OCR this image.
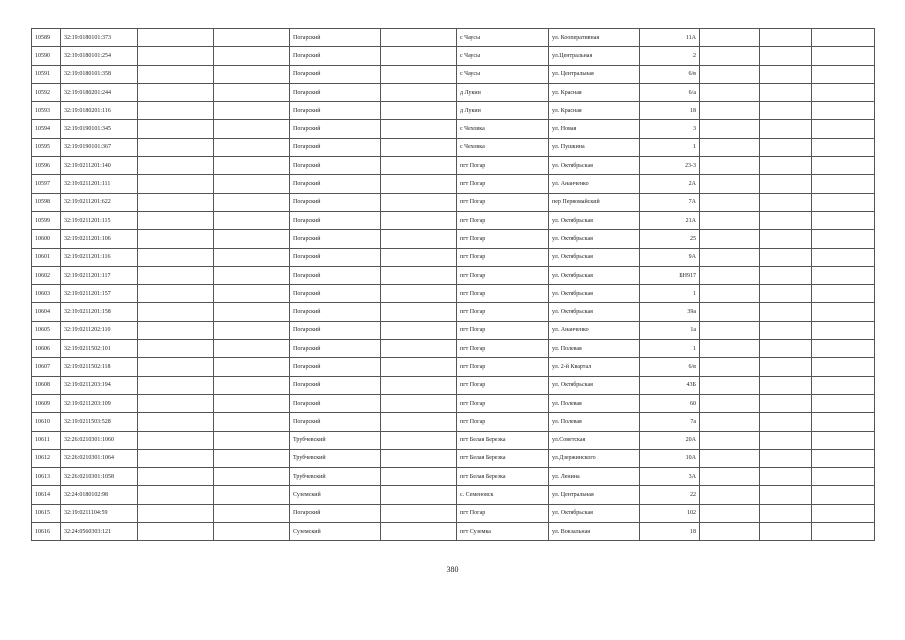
10589	32:19:0180101:373			Погарский		с Чаусы	ул. Кооперативная	11А			
10590	32:19:0180101:254			Погарский		с Чаусы	ул.Центральная	2			
10591	32:19:0180101:358			Погарский		с Чаусы	ул. Центральная	6/в			
10592	32:19:0180201:244			Погарский		д Лукин	ул. Красная	6/а			
10593	32:19:0180201:116			Погарский		д Лукин	ул. Красная	18			
10594	32:19:0190101:345			Погарский		с Чеховка	ул. Новая	3			
10595	32:19:0190101:367			Погарский		с Чеховка	ул. Пушкина	1			
10596	32:19:0211201:140			Погарский		пгт Погар	ул. Октябрьская	23-3			
10597	32:19:0211201:111			Погарский		пгт Погар	ул. Ананченко	2А			
10598	32:19:0211201:622			Погарский		пгт Погар	пер Первомайский	7А			
10599	32:19:0211201:115			Погарский		пгт Погар	ул. Октябрьская	21А			
10600	32:19:0211201:106			Погарский		пгт Погар	ул. Октябрьская	25			
10601	32:19:0211201:116			Погарский		пгт Погар	ул. Октябрьская	9А			
10602	32:19:0211201:117			Погарский		пгт Погар	ул. Октябрьская	БН917			
10603	32:19:0211201:157			Погарский		пгт Погар	ул. Октябрьская	1			
10604	32:19:0211201:158			Погарский		пгт Погар	ул. Октябрьская	39а			
10605	32:19:0211202:110			Погарский		пгт Погар	ул. Ананченко	1а			
10606	32:19:0211502:101			Погарский		пгт Погар	ул. Полевая	1			
10607	32:19:0211502:118			Погарский		пгт Погар	ул. 2-й Квартал	6/в			
10608	32:19:0211203:194			Погарский		пгт Погар	ул. Октябрьская	43Б			
10609	32:19:0211203:109			Погарский		пгт Погар	ул. Полевая	60			
10610	32:19:0211503:528			Погарский		пгт Погар	ул. Полевая	7а			
10611	32:26:0210301:1060			Трубчевский		пгт Белая Березка	ул.Советская	20А			
10612	32:26:0210301:1064			Трубчевский		пгт Белая Березка	ул.Дзержинского	10А			
10613	32:26:0210301:1058			Трубчевский		пгт Белая Березка	ул. Ленина	3А			
10614	32:24:0180102:98			Суземский		с. Семеновск	ул. Центральная	22			
10615	32:19:0211104:59			Погарский		пгт Погар	ул. Октябрьская	102			
10616	32:24:0560303:121			Суземский		пгт Суземка	ул. Вокзальная	18			
380
